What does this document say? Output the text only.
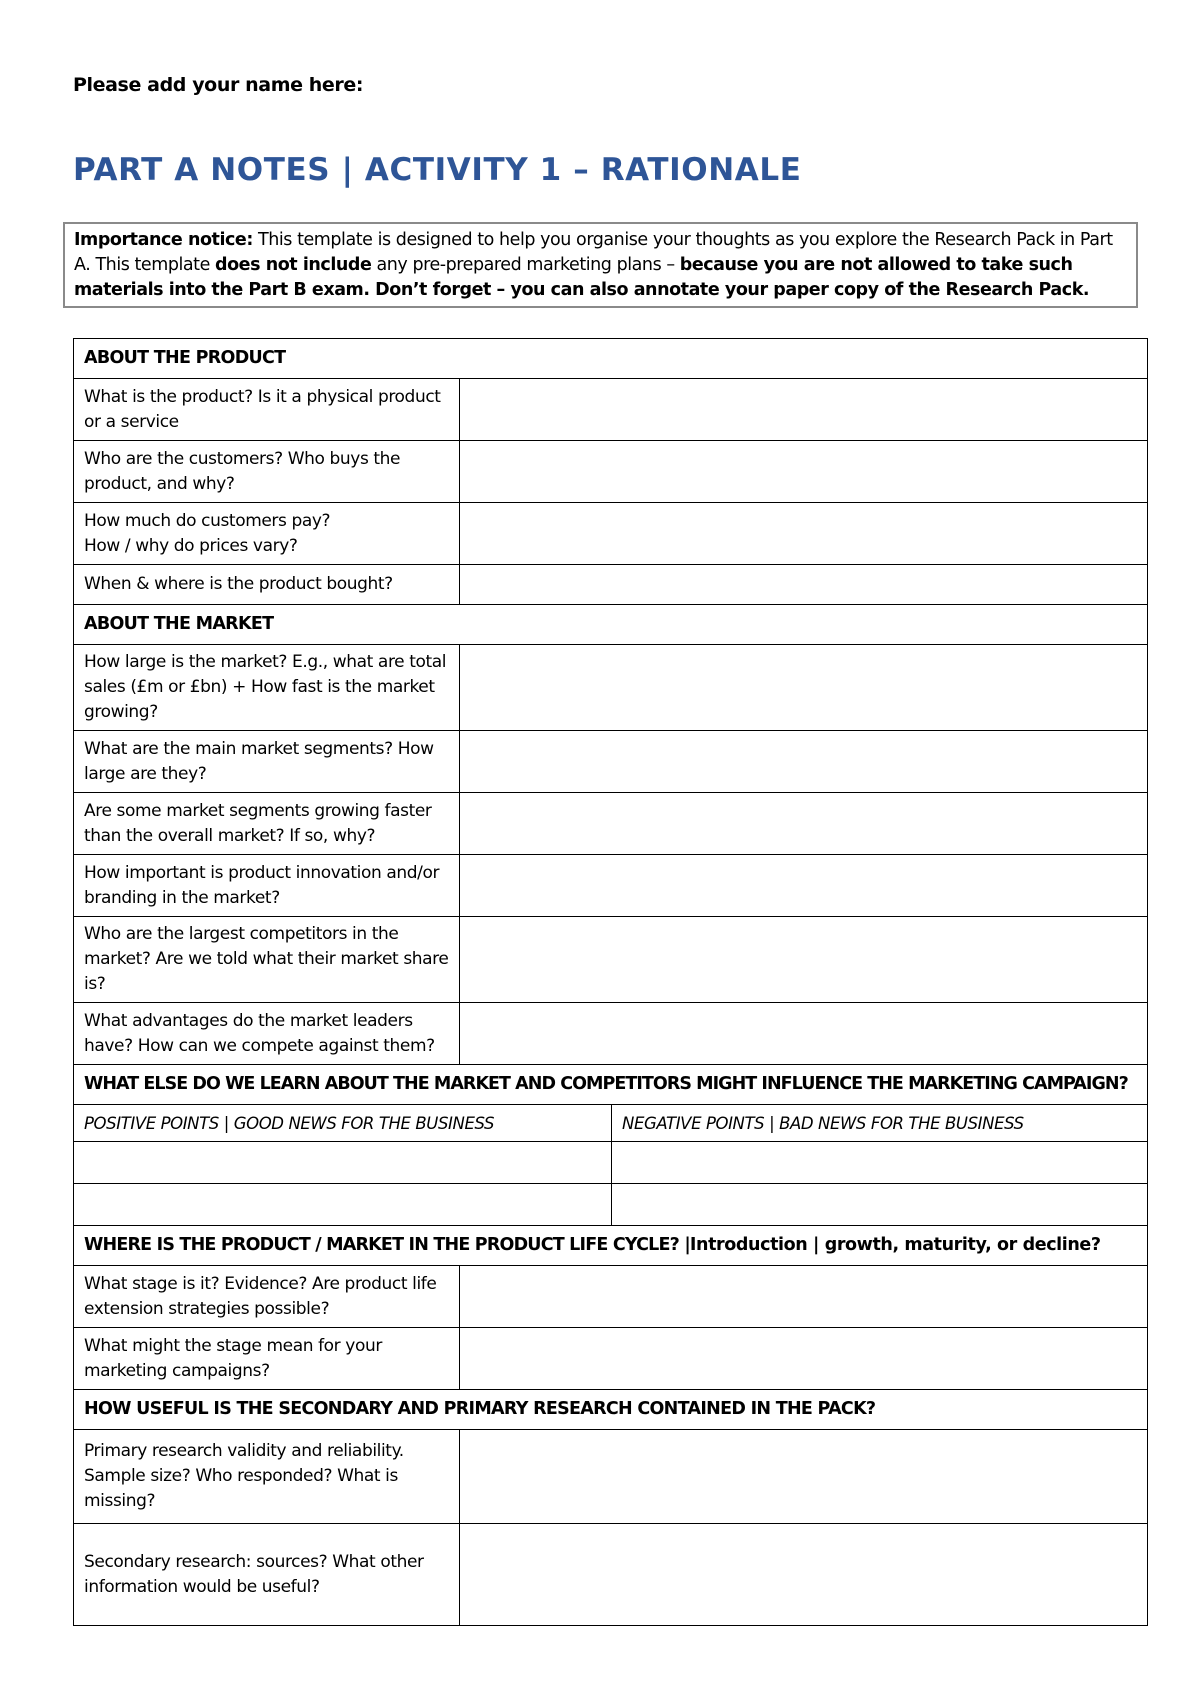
Please add your name here:
PART A NOTES | ACTIVITY 1 – RATIONALE
Importance notice: This template is designed to help you organise your thoughts as you explore the Research Pack in Part A. This template does not include any pre-prepared marketing plans – because you are not allowed to take such materials into the Part B exam. Don’t forget – you can also annotate your paper copy of the Research Pack.
ABOUT THE PRODUCT		
What is the product? Is it a physical product or a service		
Who are the customers? Who buys the product, and why?		
How much do customers pay?
How / why do prices vary?		
When & where is the product bought?		
ABOUT THE MARKET		
How large is the market? E.g., what are total sales (£m or £bn) + How fast is the market growing?		
What are the main market segments? How large are they?		
Are some market segments growing faster than the overall market? If so, why?		
How important is product innovation and/or branding in the market?		
Who are the largest competitors in the market? Are we told what their market share is?		
What advantages do the market leaders have? How can we compete against them?		
WHAT ELSE DO WE LEARN ABOUT THE MARKET AND COMPETITORS MIGHT INFLUENCE THE MARKETING CAMPAIGN?		
POSITIVE POINTS | GOOD NEWS FOR THE BUSINESS		NEGATIVE POINTS | BAD NEWS FOR THE BUSINESS

WHERE IS THE PRODUCT / MARKET IN THE PRODUCT LIFE CYCLE? |Introduction | growth, maturity, or decline?		
What stage is it? Evidence? Are product life extension strategies possible?		
What might the stage mean for your marketing campaigns?		
HOW USEFUL IS THE SECONDARY AND PRIMARY RESEARCH CONTAINED IN THE PACK?		
Primary research validity and reliability. Sample size? Who responded? What is missing?		
Secondary research: sources? What other information would be useful?		
